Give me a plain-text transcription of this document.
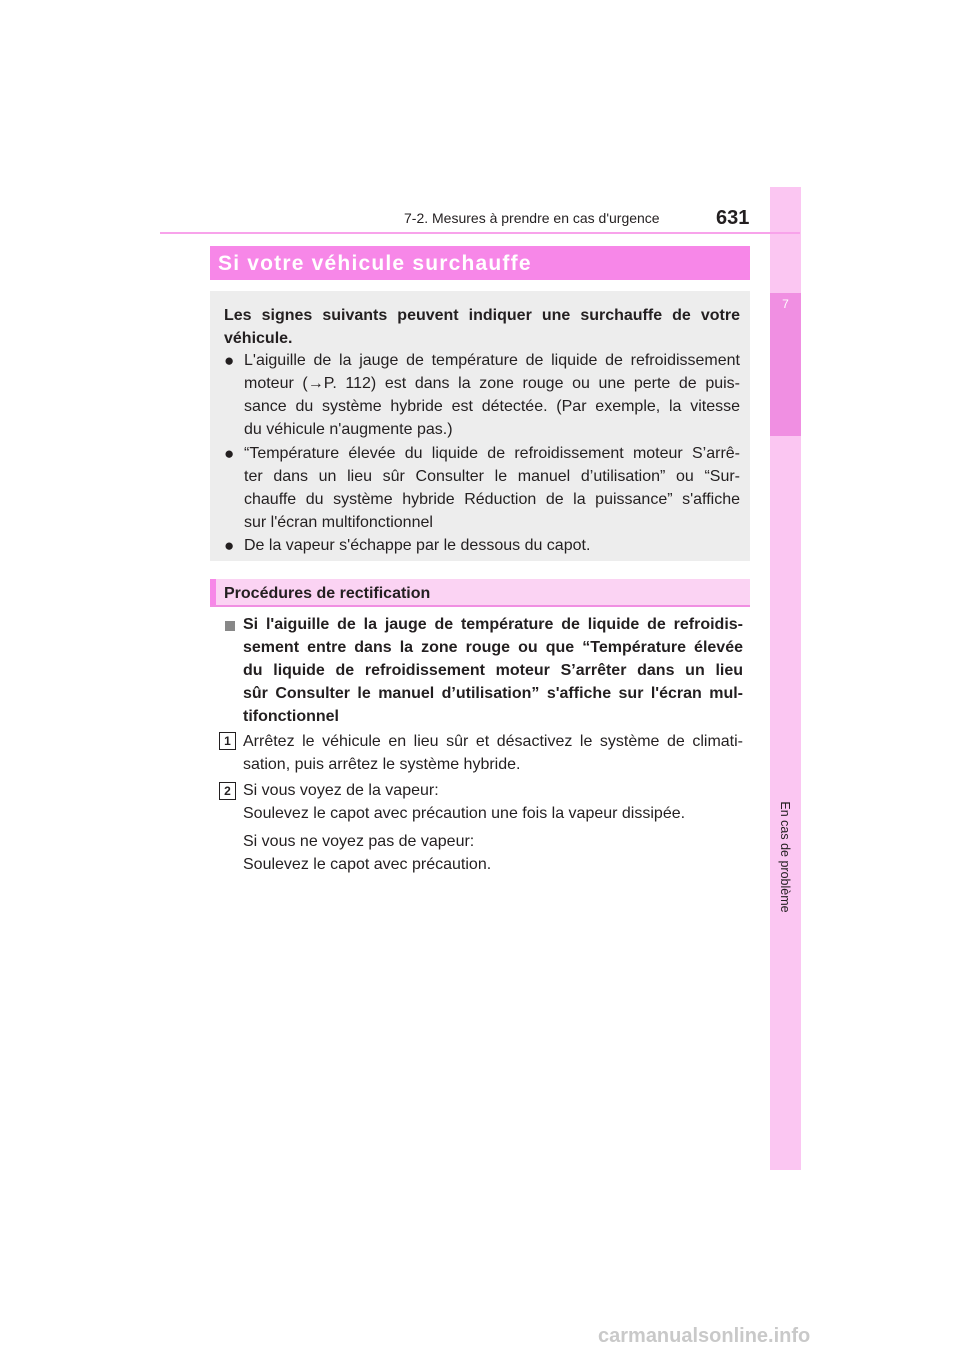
7
En cas de problème
7-2. Mesures à prendre en cas d'urgence	631
Si votre véhicule surchauffe
Les signes suivants peuvent indiquer une surchauffe de votre
véhicule.
● L'aiguille de la jauge de température de liquide de refroidissement
moteur (→P. 112) est dans la zone rouge ou une perte de puis-
sance du système hybride est détectée. (Par exemple, la vitesse
du véhicule n'augmente pas.)
● “Température élevée du liquide de refroidissement moteur S’arrê-
ter dans un lieu sûr Consulter le manuel d’utilisation” ou “Sur-
chauffe du système hybride Réduction de la puissance” s'affiche
sur l'écran multifonctionnel
● De la vapeur s'échappe par le dessous du capot.
Procédures de rectification
Si l'aiguille de la jauge de température de liquide de refroidis-
sement entre dans la zone rouge ou que “Température élevée
du liquide de refroidissement moteur S’arrêter dans un lieu
sûr Consulter le manuel d’utilisation” s'affiche sur l'écran mul-
tifonctionnel
1 Arrêtez le véhicule en lieu sûr et désactivez le système de climati-
sation, puis arrêtez le système hybride.
2 Si vous voyez de la vapeur:
Soulevez le capot avec précaution une fois la vapeur dissipée.
Si vous ne voyez pas de vapeur:
Soulevez le capot avec précaution.
carmanualsonline.info
